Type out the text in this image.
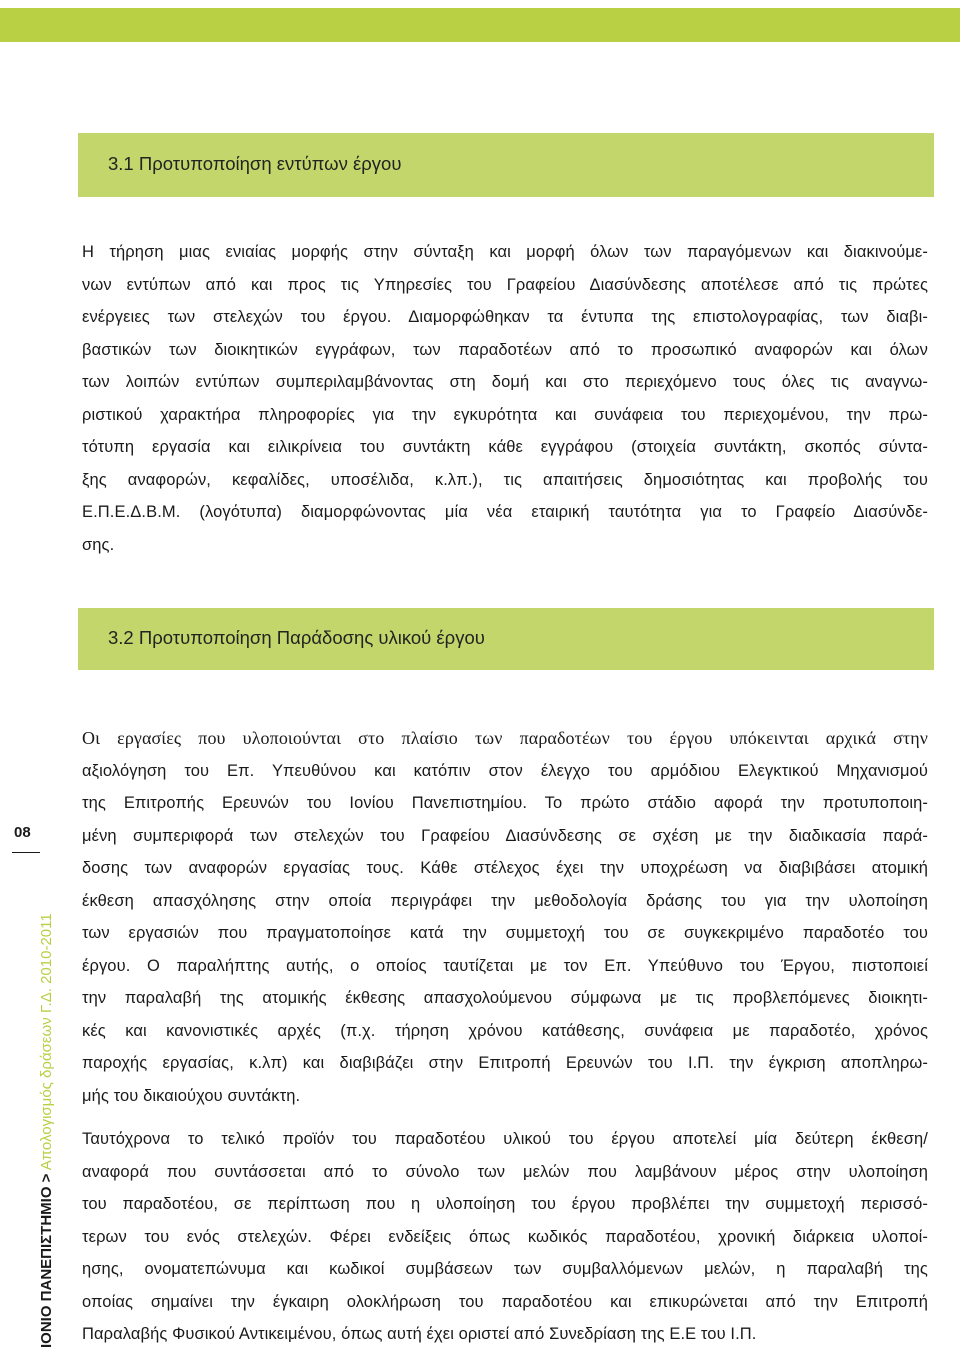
3.1 Προτυποποίηση εντύπων έργου

Η τήρηση μιας ενιαίας μορφής στην σύνταξη και μορφή όλων των παραγόμενων και διακινούμε-
νων εντύπων από και προς τις Υπηρεσίες του Γραφείου Διασύνδεσης αποτέλεσε από τις πρώτες
ενέργειες των στελεχών του έργου. Διαμορφώθηκαν τα έντυπα της επιστολογραφίας, των διαβι-
βαστικών των διοικητικών εγγράφων, των παραδοτέων από το προσωπικό αναφορών και όλων
των λοιπών εντύπων συμπεριλαμβάνοντας στη δομή και στο περιεχόμενο τους όλες τις αναγνω-
ριστικού χαρακτήρα πληροφορίες για την εγκυρότητα και συνάφεια του περιεχομένου, την πρω-
τότυπη εργασία και ειλικρίνεια του συντάκτη κάθε εγγράφου (στοιχεία συντάκτη, σκοπός σύντα-
ξης αναφορών, κεφαλίδες, υποσέλιδα, κ.λπ.), τις απαιτήσεις δημοσιότητας και προβολής του
Ε.Π.Ε.Δ.Β.Μ. (λογότυπα) διαμορφώνοντας μία νέα εταιρική ταυτότητα για το Γραφείο Διασύνδε-
σης.

3.2 Προτυποποίηση Παράδοσης υλικού έργου

Οι εργασίες που υλοποιούνται στο πλαίσιο των παραδοτέων του έργου υπόκεινται αρχικά στην
αξιολόγηση του Επ. Υπευθύνου και κατόπιν στον έλεγχο του αρμόδιου Ελεγκτικού Μηχανισμού
της Επιτροπής Ερευνών του Ιονίου Πανεπιστημίου. Το πρώτο στάδιο αφορά την προτυποποιη-
μένη συμπεριφορά των στελεχών του Γραφείου Διασύνδεσης σε σχέση με την διαδικασία παρά-
δοσης των αναφορών εργασίας τους. Κάθε στέλεχος έχει την υποχρέωση να διαβιβάσει ατομική
έκθεση απασχόλησης στην οποία περιγράφει την μεθοδολογία δράσης του για την υλοποίηση
των εργασιών που πραγματοποίησε κατά την συμμετοχή του σε συγκεκριμένο παραδοτέο του
έργου. Ο παραλήπτης αυτής, ο οποίος ταυτίζεται με τον Επ. Υπεύθυνο του Έργου, πιστοποιεί
την παραλαβή της ατομικής έκθεσης απασχολούμενου σύμφωνα με τις προβλεπόμενες διοικητι-
κές και κανονιστικές αρχές (π.χ. τήρηση χρόνου κατάθεσης, συνάφεια με παραδοτέο, χρόνος
παροχής εργασίας, κ.λπ) και διαβιβάζει στην Επιτροπή Ερευνών του Ι.Π. την έγκριση αποπληρω-
μής του δικαιούχου συντάκτη.

Ταυτόχρονα το τελικό προϊόν του παραδοτέου υλικού του έργου αποτελεί μία δεύτερη έκθεση/
αναφορά που συντάσσεται από το σύνολο των μελών που λαμβάνουν μέρος στην υλοποίηση
του παραδοτέου, σε περίπτωση που η υλοποίηση του έργου προβλέπει την συμμετοχή περισσό-
τερων του ενός στελεχών. Φέρει ενδείξεις όπως κωδικός παραδοτέου, χρονική διάρκεια υλοποί-
ησης, ονοματεπώνυμα και κωδικοί συμβάσεων των συμβαλλόμενων μελών, η παραλαβή της
οποίας σημαίνει την έγκαιρη ολοκλήρωση του παραδοτέου και επικυρώνεται από την Επιτροπή
Παραλαβής Φυσικού Αντικειμένου, όπως αυτή έχει οριστεί από Συνεδρίαση της Ε.Ε του Ι.Π.

08
ΙΟΝΙΟ ΠΑΝΕΠΙΣΤΗΜΙΟ > Απολογισμός δράσεων Γ.Δ. 2010-2011
